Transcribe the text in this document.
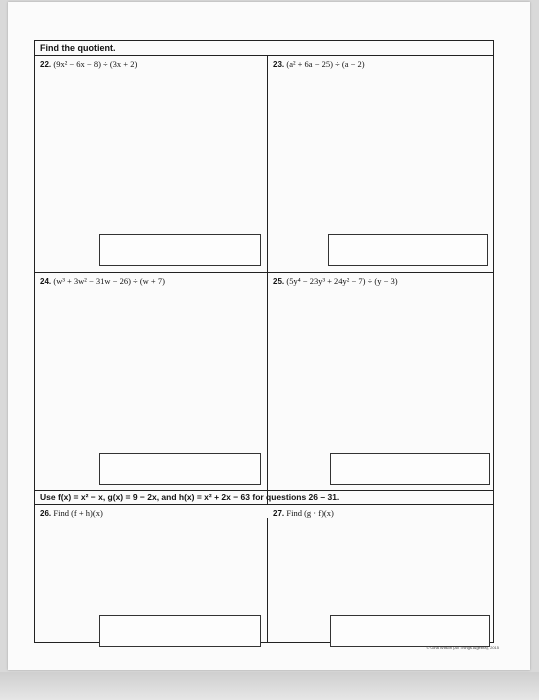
Find the quotient.
22. (9x² − 6x − 8) ÷ (3x + 2)	23. (a² + 6a − 25) ÷ (a − 2)
24. (w³ + 3w² − 31w − 26) ÷ (w + 7)	25. (5y⁴ − 23y³ + 24y² − 7) ÷ (y − 3)
Use f(x) = x² − x, g(x) = 9 − 2x, and h(x) = x² + 2x − 63 for questions 26 – 31.
26. Find (f + h)(x)	27. Find (g · f)(x)
© Gina Wilson (All Things Algebra), 2015
